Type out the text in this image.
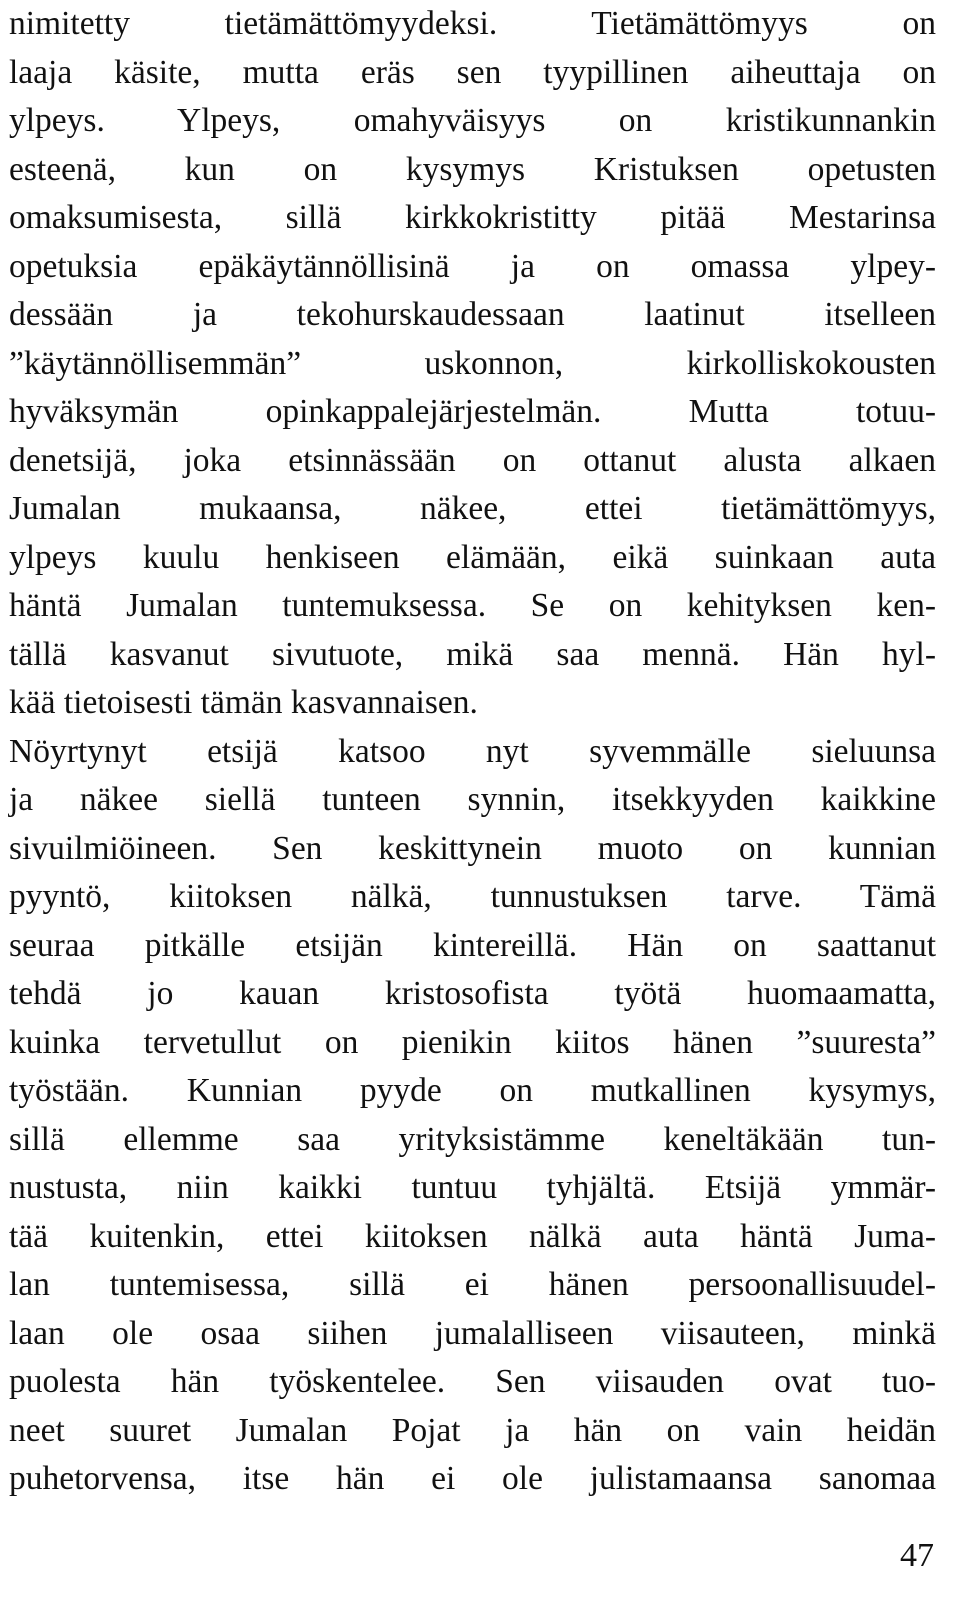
nimitetty tietämättömyydeksi. Tietämättömyys on
laaja käsite, mutta eräs sen tyypillinen aiheuttaja on
ylpeys. Ylpeys, omahyväisyys on kristikunnankin
esteenä, kun on kysymys Kristuksen opetusten
omaksumisesta, sillä kirkkokristitty pitää Mestarinsa
opetuksia epäkäytännöllisinä ja on omassa ylpey-
dessään ja tekohurskaudessaan laatinut itselleen
”käytännöllisemmän” uskonnon, kirkolliskokousten
hyväksymän opinkappalejärjestelmän. Mutta totuu-
denetsijä, joka etsinnässään on ottanut alusta alkaen
Jumalan mukaansa, näkee, ettei tietämättömyys,
ylpeys kuulu henkiseen elämään, eikä suinkaan auta
häntä Jumalan tuntemuksessa. Se on kehityksen ken-
tällä kasvanut sivutuote, mikä saa mennä. Hän hyl-
kää tietoisesti tämän kasvannaisen.
Nöyrtynyt etsijä katsoo nyt syvemmälle sieluunsa
ja näkee siellä tunteen synnin, itsekkyyden kaikkine
sivuilmiöineen. Sen keskittynein muoto on kunnian
pyyntö, kiitoksen nälkä, tunnustuksen tarve. Tämä
seuraa pitkälle etsijän kintereillä. Hän on saattanut
tehdä jo kauan kristosofista työtä huomaamatta,
kuinka tervetullut on pienikin kiitos hänen ”suuresta”
työstään. Kunnian pyyde on mutkallinen kysymys,
sillä ellemme saa yrityksistämme keneltäkään tun-
nustusta, niin kaikki tuntuu tyhjältä. Etsijä ymmär-
tää kuitenkin, ettei kiitoksen nälkä auta häntä Juma-
lan tuntemisessa, sillä ei hänen persoonallisuudel-
laan ole osaa siihen jumalalliseen viisauteen, minkä
puolesta hän työskentelee. Sen viisauden ovat tuo-
neet suuret Jumalan Pojat ja hän on vain heidän
puhetorvensa, itse hän ei ole julistamaansa sanomaa
47
